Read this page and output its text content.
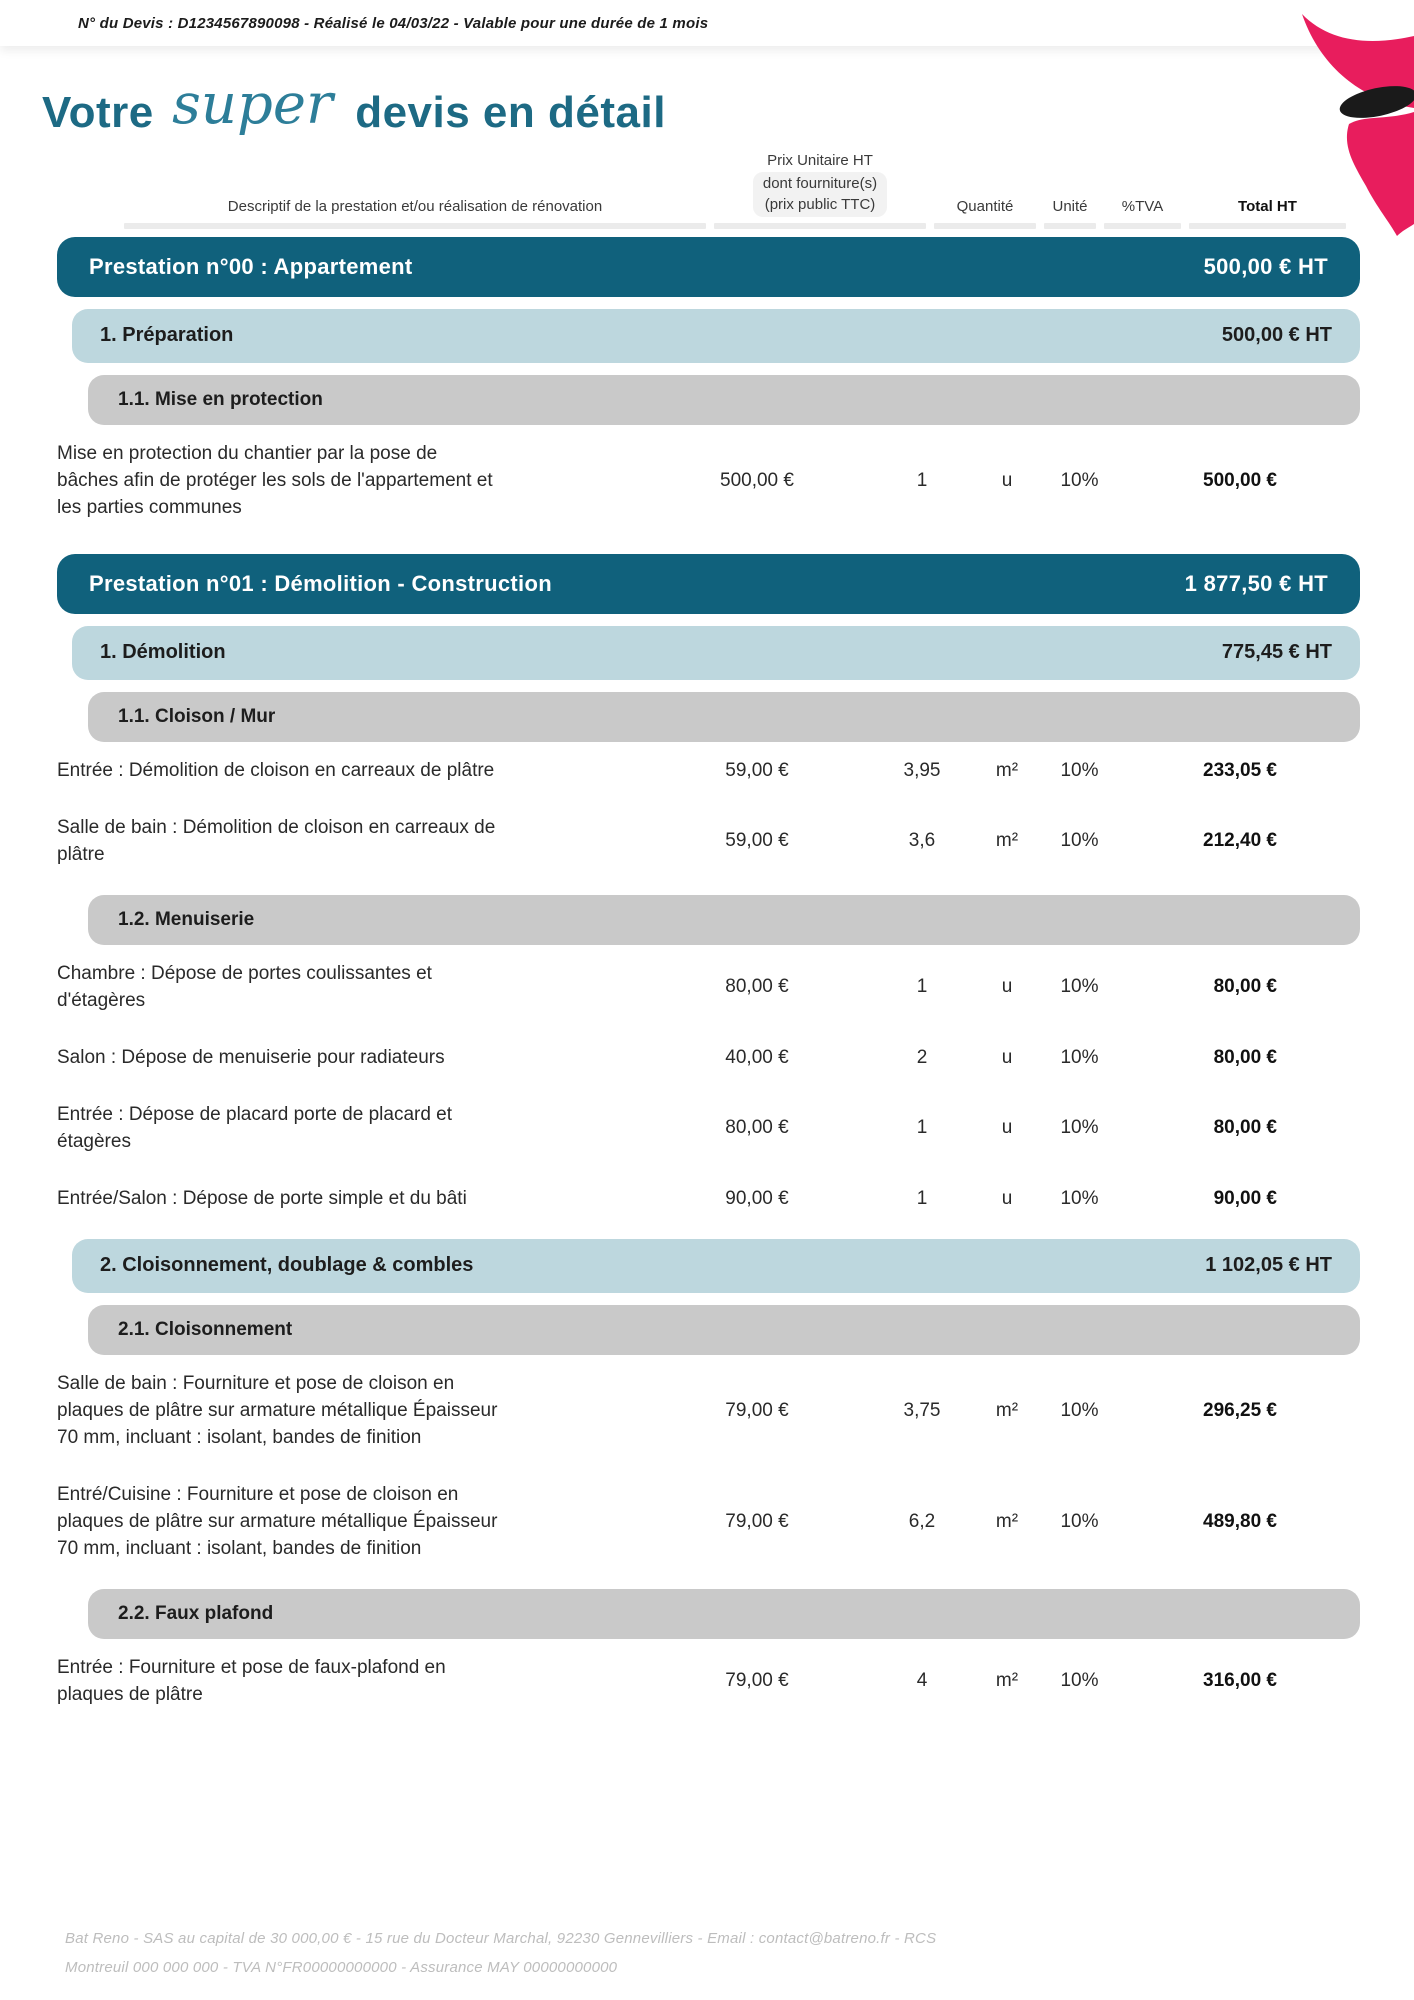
N° du Devis : D1234567890098 - Réalisé le 04/03/22 - Valable pour une durée de 1 mois
Votre super devis en détail
Descriptif de la prestation et/ou réalisation de rénovation
Prix Unitaire HT
dont fourniture(s)
(prix public TTC)	Quantité	Unité	%TVA	Total HT
Prestation n°00 : Appartement	500,00 € HT
1. Préparation	500,00 € HT
1.1. Mise en protection
Mise en protection du chantier par la pose de bâches afin de protéger les sols de l'appartement et les parties communes
500,00 €	1	u	10%	500,00 €
Prestation n°01 : Démolition - Construction	1 877,50 € HT
1. Démolition	775,45 € HT
1.1. Cloison / Mur
Entrée : Démolition de cloison en carreaux de plâtre	59,00 €	3,95	m²	10%	233,05 €
Salle de bain : Démolition de cloison en carreaux de plâtre
59,00 €	3,6	m²	10%	212,40 €
1.2. Menuiserie
Chambre : Dépose de portes coulissantes et d'étagères
80,00 €	1	u	10%	80,00 €
Salon : Dépose de menuiserie pour radiateurs	40,00 €	2	u	10%	80,00 €
Entrée : Dépose de placard porte de placard et étagères
80,00 €	1	u	10%	80,00 €
Entrée/Salon : Dépose de porte simple et du bâti	90,00 €	1	u	10%	90,00 €
2. Cloisonnement, doublage & combles	1 102,05 € HT
2.1. Cloisonnement
Salle de bain : Fourniture et pose de cloison en plaques de plâtre sur armature métallique Épaisseur 70 mm, incluant : isolant, bandes de finition
79,00 €	3,75	m²	10%	296,25 €
Entré/Cuisine : Fourniture et pose de cloison en plaques de plâtre sur armature métallique Épaisseur 70 mm, incluant : isolant, bandes de finition
79,00 €	6,2	m²	10%	489,80 €
2.2. Faux plafond
Entrée : Fourniture et pose de faux-plafond en plaques de plâtre
79,00 €	4	m²	10%	316,00 €
Bat Reno - SAS au capital de 30 000,00 € - 15 rue du Docteur Marchal, 92230 Gennevilliers - Email : contact@batreno.fr - RCS
Montreuil 000 000 000 - TVA N°FR00000000000 - Assurance MAY 00000000000
